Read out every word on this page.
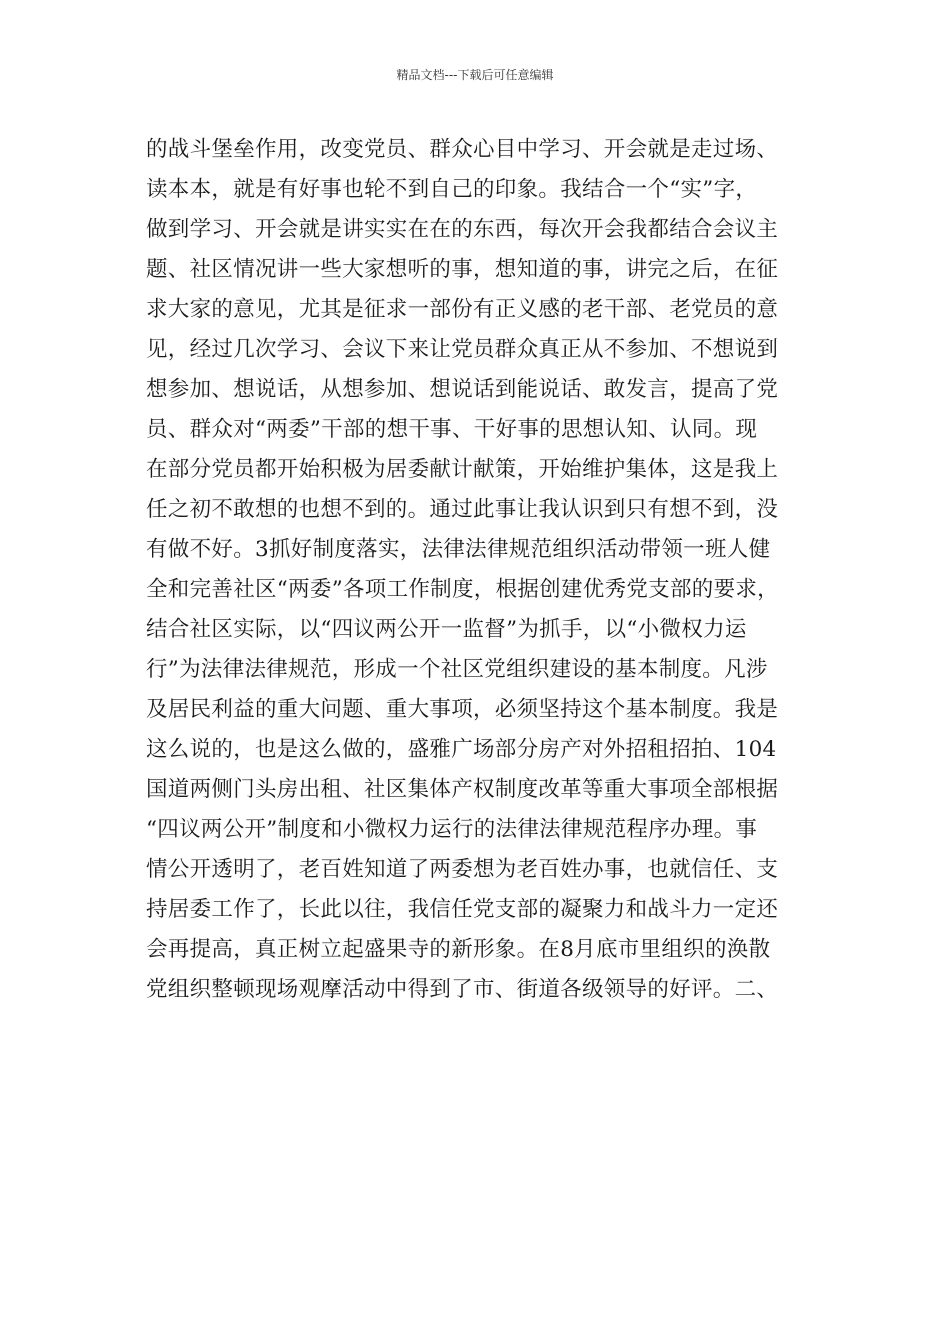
精品文档---下载后可任意编辑
的战斗堡垒作用，改变党员、群众心目中学习、开会就是走过场、
读本本，就是有好事也轮不到自己的印象。我结合一个“实”字，
做到学习、开会就是讲实实在在的东西，每次开会我都结合会议主
题、社区情况讲一些大家想听的事，想知道的事，讲完之后，在征
求大家的意见，尤其是征求一部份有正义感的老干部、老党员的意
见，经过几次学习、会议下来让党员群众真正从不参加、不想说到
想参加、想说话，从想参加、想说话到能说话、敢发言，提高了党
员、群众对“两委”干部的想干事、干好事的思想认知、认同。现
在部分党员都开始积极为居委献计献策，开始维护集体，这是我上
任之初不敢想的也想不到的。通过此事让我认识到只有想不到，没
有做不好。3抓好制度落实，法律法律规范组织活动带领一班人健
全和完善社区“两委”各项工作制度，根据创建优秀党支部的要求，
结合社区实际，以“四议两公开一监督”为抓手，以“小微权力运
行”为法律法律规范，形成一个社区党组织建设的基本制度。凡涉
及居民利益的重大问题、重大事项，必须坚持这个基本制度。我是
这么说的，也是这么做的，盛雅广场部分房产对外招租招拍、104
国道两侧门头房出租、社区集体产权制度改革等重大事项全部根据
“四议两公开”制度和小微权力运行的法律法律规范程序办理。事
情公开透明了，老百姓知道了两委想为老百姓办事，也就信任、支
持居委工作了，长此以往，我信任党支部的凝聚力和战斗力一定还
会再提高，真正树立起盛果寺的新形象。在8月底市里组织的涣散
党组织整顿现场观摩活动中得到了市、街道各级领导的好评。二、
